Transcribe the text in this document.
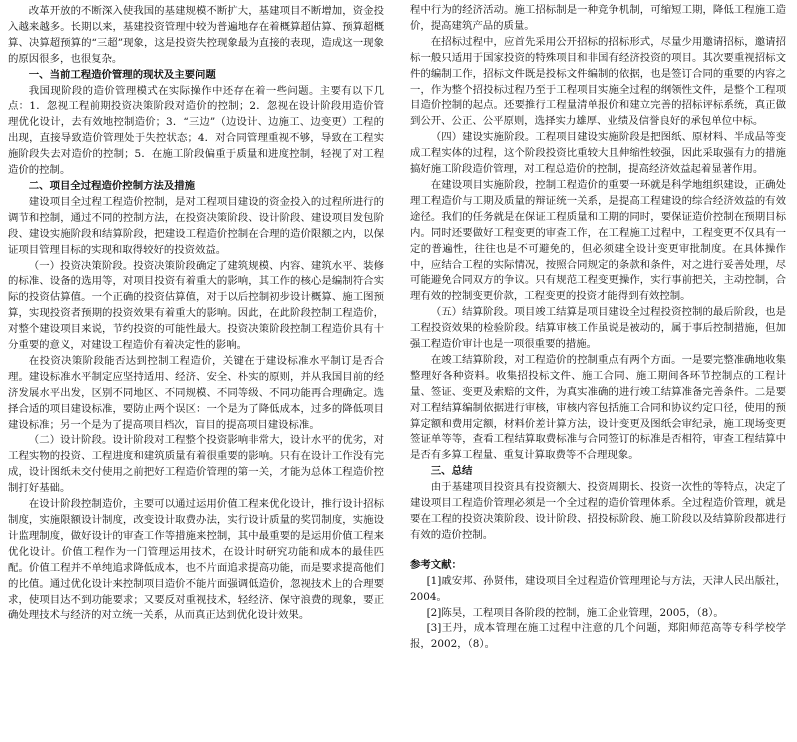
改革开放的不断深入使我国的基建规模不断扩大，基建项目不断增加，资金投入越来越多。长期以来，基建投资管理中较为普遍地存在着概算超估算、预算超概算、决算超预算的“三超”现象，这是投资失控现象最为直接的表现，造成这一现象的原因很多，也很复杂。

一、当前工程造价管理的现状及主要问题

我国现阶段的造价管理模式在实际操作中还存在着一些问题。主要有以下几点：1．忽视工程前期投资决策阶段对造价的控制；2．忽视在设计阶段用造价管理优化设计，去有效地控制造价；3．“三边”（边设计、边施工、边变更）工程的出现，直接导致造价管理处于失控状态；4．对合同管理重视不够，导致在工程实施阶段失去对造价的控制；5．在施工阶段偏重于质量和进度控制，轻视了对工程造价的控制。

二、项目全过程造价控制方法及措施

建设项目全过程工程造价控制，是对工程项目建设的资金投入的过程所进行的调节和控制，通过不同的控制方法，在投资决策阶段、设计阶段、建设项目发包阶段、建设实施阶段和结算阶段，把建设工程造价控制在合理的造价限额之内，以保证项目管理目标的实现和取得较好的投资效益。

（一）投资决策阶段。投资决策阶段确定了建筑规模、内容、建筑水平、装修的标准、设备的选用等，对项目投资有着重大的影响，其工作的核心是编制符合实际的投资估算值。一个正确的投资估算值，对于以后控制初步设计概算、施工图预算，实现投资者预期的投资效果有着重大的影响。因此，在此阶段控制工程造价，对整个建设项目来说，节约投资的可能性最大。投资决策阶段控制工程造价具有十分重要的意义，对建设工程造价有着决定性的影响。

在投资决策阶段能否达到控制工程造价，关键在于建设标准水平制订是否合理。建设标准水平制定应坚持适用、经济、安全、朴实的原则，并从我国目前的经济发展水平出发，区别不同地区、不同规模、不同等级、不同功能再合理确定。选择合适的项目建设标准，要防止两个误区：一个是为了降低成本，过多的降低项目建设标准；另一个是为了提高项目档次，盲目的提高项目建设标准。

（二）设计阶段。设计阶段对工程整个投资影响非常大，设计水平的优劣，对工程实物的投资、工程进度和建筑质量有着很重要的影响。只有在设计工作没有完成，设计图纸未交付使用之前把好工程造价管理的第一关，才能为总体工程造价控制打好基础。

在设计阶段控制造价，主要可以通过运用价值工程来优化设计，推行设计招标制度，实施限额设计制度，改变设计取费办法，实行设计质量的奖罚制度，实施设计监理制度，做好设计的审查工作等措施来控制，其中最重要的是运用价值工程来优化设计。价值工程作为一门管理运用技术，在设计时研究功能和成本的最佳匹配。价值工程并不单纯追求降低成本，也不片面追求提高功能，而是要求提高他们的比值。通过优化设计来控制项目造价不能片面强调低造价，忽视技术上的合理要求，使项目达不到功能要求；又要反对重视技术，轻经济、保守浪费的现象，要正确处理技术与经济的对立统一关系，从而真正达到优化设计效果。

程中行为的经济活动。施工招标制是一种竞争机制，可缩短工期，降低工程施工造价，提高建筑产品的质量。

在招标过程中，应首先采用公开招标的招标形式，尽量少用邀请招标，邀请招标一般只适用于国家投资的特殊项目和非国有经济投资的项目。其次要重视招标文件的编制工作，招标文件既是投标文件编制的依据，也是签订合同的重要的内容之一，作为整个招投标过程乃至于工程项目实施全过程的纲领性文件，是整个工程项目造价控制的起点。还要推行工程量清单报价和建立完善的招标评标系统，真正做到公开、公正、公平原则，选择实力雄厚、业绩及信誉良好的承包单位中标。

（四）建设实施阶段。工程项目建设实施阶段是把图纸、原材料、半成品等变成工程实体的过程，这个阶段投资比重较大且伸缩性较强，因此采取强有力的措施搞好施工阶段造价管理，对工程总造价的控制，提高经济效益起着显著作用。

在建设项目实施阶段，控制工程造价的重要一环就是科学地组织建设，正确处理工程造价与工期及质量的辩证统一关系，是提高工程建设的综合经济效益的有效途径。我们的任务就是在保证工程质量和工期的同时，要保证造价控制在预期目标内。同时还要做好工程变更的审查工作，在工程施工过程中，工程变更不仅具有一定的普遍性，往往也是不可避免的，但必须建全设计变更审批制度。在具体操作中，应结合工程的实际情况，按照合同规定的条款和条件，对之进行妥善处理，尽可能避免合同双方的争议。只有规范工程变更操作，实行事前把关，主动控制，合理有效的控制变更价款，工程变更的投资才能得到有效控制。

（五）结算阶段。项目竣工结算是项目建设全过程投资控制的最后阶段，也是工程投资效果的检验阶段。结算审核工作虽说是被动的，属于事后控制措施，但加强工程造价审计也是一项很重要的措施。

在竣工结算阶段，对工程造价的控制重点有两个方面。一是要完整准确地收集整理好各种资料。收集招投标文件、施工合同、施工期间各环节控制点的工程计量、签证、变更及索赔的文件，为真实准确的进行竣工结算准备完善条件。二是要对工程结算编制依据进行审核，审核内容包括施工合同和协议约定口径，使用的预算定额和费用定额，材料价差计算方法，设计变更及图纸会审纪录，施工现场变更签证单等等，查看工程结算取费标准与合同签订的标准是否相符，审查工程结算中是否有多算工程量、重复计算取费等不合理现象。

三、总结

由于基建项目投资具有投资额大、投资周期长、投资一次性的等特点，决定了建设项目工程造价管理必须是一个全过程的造价管理体系。全过程造价管理，就是要在工程的投资决策阶段、设计阶段、招投标阶段、施工阶段以及结算阶段都进行有效的造价控制。

参考文献：

[1]戚安邦、孙贤伟，建设项目全过程造价管理理论与方法，天津人民出版社，2004。

[2]陈昊，工程项目各阶段的控制，施工企业管理，2005，（8）。

[3]王丹，成本管理在施工过程中注意的几个问题，郑阳师范高等专科学校学报，2002，（8）。
